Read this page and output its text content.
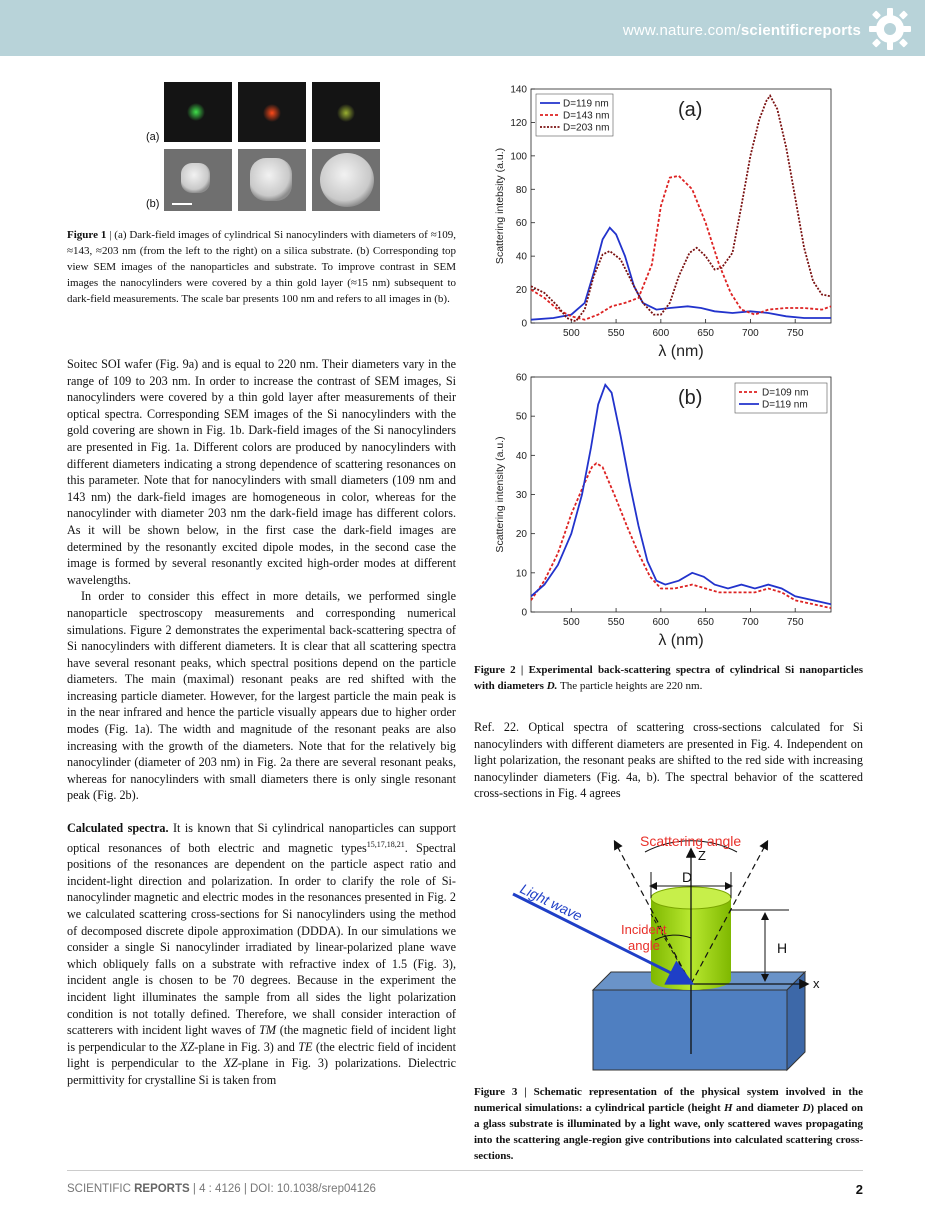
www.nature.com/scientificreports
(a)
(b)
Figure 1 | (a) Dark-field images of cylindrical Si nanocylinders with diameters of ≈109, ≈143, ≈203 nm (from the left to the right) on a silica substrate. (b) Corresponding top view SEM images of the nanoparticles and substrate. To improve contrast in SEM images the nanocylinders were covered by a thin gold layer (≈15 nm) subsequent to dark-field measurements. The scale bar presents 100 nm and refers to all images in (b).

Soitec SOI wafer (Fig. 9a) and is equal to 220 nm. Their diameters vary in the range of 109 to 203 nm. In order to increase the contrast of SEM images, Si nanocylinders were covered by a thin gold layer after measurements of their optical spectra. Corresponding SEM images of the Si nanocylinders with the gold covering are shown in Fig. 1b. Dark-field images of the Si nanocylinders are presented in Fig. 1a. Different colors are produced by nanocylinders with different diameters indicating a strong dependence of scattering resonances on this parameter. Note that for nanocylinders with small diameters (109 nm and 143 nm) the dark-field images are homogeneous in color, whereas for the nanocylinder with diameter 203 nm the dark-field image has different colors. As it will be shown below, in the first case the dark-field images are determined by the resonantly excited dipole modes, in the second case the image is formed by several resonantly excited high-order modes at different wavelengths.

In order to consider this effect in more details, we performed single nanoparticle spectroscopy measurements and corresponding numerical simulations. Figure 2 demonstrates the experimental back-scattering spectra of Si nanocylinders with different diameters. It is clear that all scattering spectra have several resonant peaks, which spectral positions depend on the particle diameters. The main (maximal) resonant peaks are red shifted with the increasing particle diameter. However, for the largest particle the main peak is in the near infrared and hence the particle visually appears due to higher order modes (Fig. 1a). The width and magnitude of the resonant peaks are also increasing with the growth of the diameters. Note that for the relatively big nanocylinder (diameter of 203 nm) in Fig. 2a there are several resonant peaks, whereas for nanocylinders with small diameters there is only single resonant peak (Fig. 2b).

Calculated spectra. It is known that Si cylindrical nanoparticles can support optical resonances of both electric and magnetic types$^{15,17,18,21}$. Spectral positions of the resonances are dependent on the particle aspect ratio and incident-light direction and polarization. In order to clarify the role of Si-nanocylinder magnetic and electric modes in the resonances presented in Fig. 2 we calculated scattering cross-sections for Si nanocylinders using the method of decomposed discrete dipole approximation (DDDA). In our simulations we consider a single Si nanocylinder irradiated by linear-polarized plane wave which obliquely falls on a substrate with refractive index of 1.5 (Fig. 3), incident angle is chosen to be 70 degrees. Because in the experiment the incident light illuminates the sample from all sides the light polarization condition is not totally defined. Therefore, we shall consider interaction of scatterers with incident light waves of TM (the magnetic field of incident light is perpendicular to the XZ-plane in Fig. 3) and TE (the electric field of incident light is perpendicular to the XZ-plane in Fig. 3) polarizations. Dielectric permittivity for crystalline Si is taken from

500	550	600	650	700	750
0
20
40
60
80
100
120
140
λ (nm)
Scattering intebsity (a.u.)
(a)
D=119 nm
D=143 nm
D=203 nm
500	550	600	650	700	750
0
10
20
30
40
50
60
λ (nm)
Scattering intensity (a.u.)
(b)	D=109 nm
D=119 nm
Figure 2 | Experimental back-scattering spectra of cylindrical Si nanoparticles with diameters D. The particle heights are 220 nm.

Ref. 22. Optical spectra of scattering cross-sections calculated for Si nanocylinders with different diameters are presented in Fig. 4. Independent on light polarization, the resonant peaks are shifted to the red side with increasing nanocylinder diameters (Fig. 4a, b). The spectral behavior of the scattered cross-sections in Fig. 4 agrees

Scattering angle
Z
D
Light wave
Incident
angle	H
x
Figure 3 | Schematic representation of the physical system involved in the numerical simulations: a cylindrical particle (height H and diameter D) placed on a glass substrate is illuminated by a light wave, only scattered waves propagating into the scattering angle-region give contributions into calculated scattering cross-sections.
SCIENTIFIC REPORTS | 4 : 4126 | DOI: 10.1038/srep04126	2
